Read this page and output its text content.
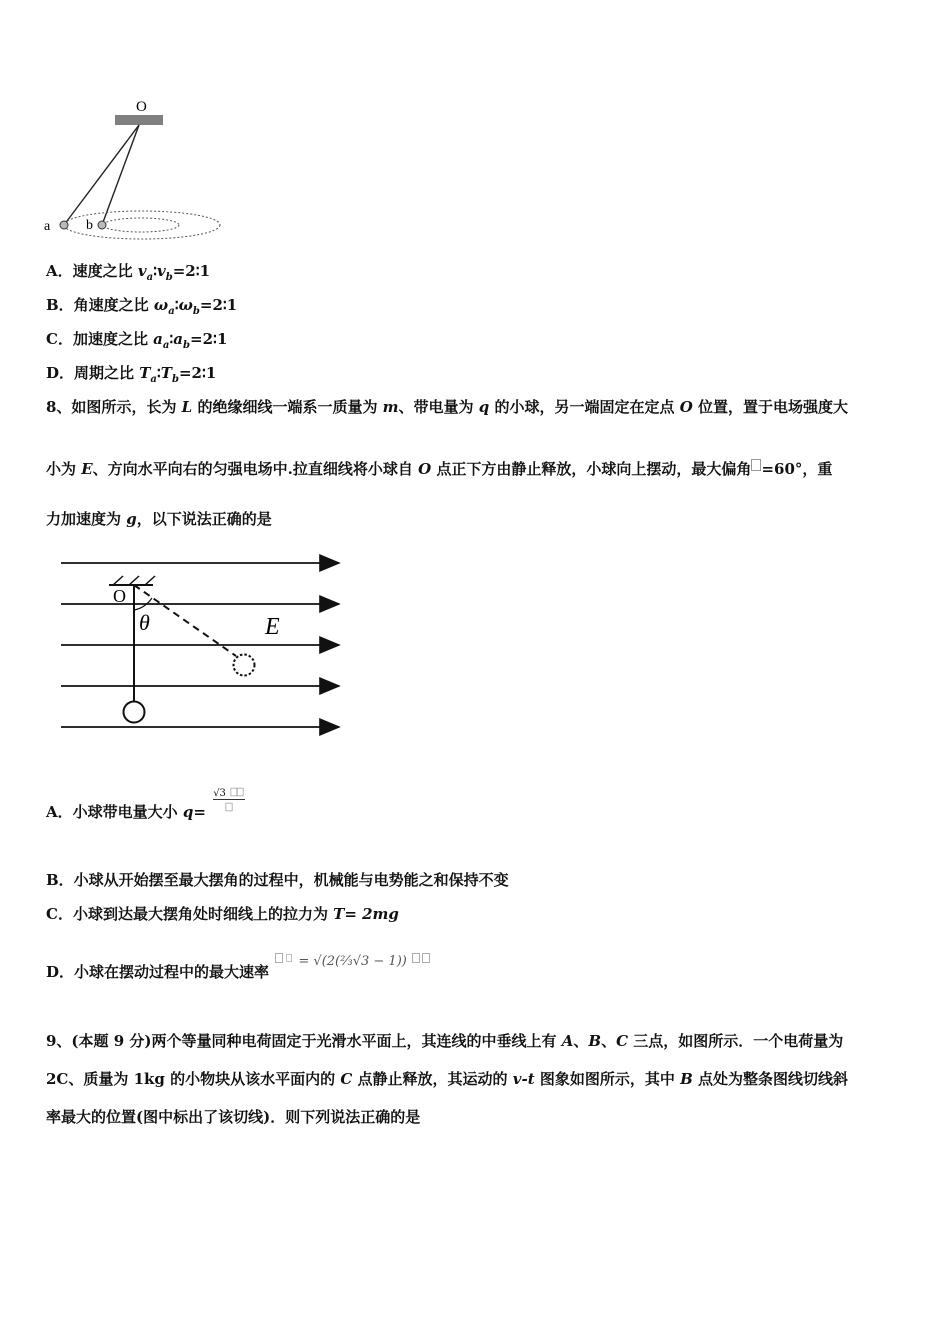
O
a	b
A．速度之比 $v_a∶v_b=2∶1$
B．角速度之比 $\omega_a∶\omega_b=2∶1$
C．加速度之比 $a_a∶a_b=2∶1$
D．周期之比 $T_a∶T_b=2∶1$
8、如图所示，长为 L 的绝缘细线一端系一质量为 m、带电量为 q 的小球，另一端固定在定点 O 位置，置于电场强度大
小为 E、方向水平向右的匀强电场中.拉直细线将小球自 O 点正下方由静止释放，小球向上摆动，最大偏角 =60°，重
力加速度为 g，以下说法正确的是
O
θ	E
A．小球带电量大小 q=
√3
B．小球从开始摆至最大摆角的过程中，机械能与电势能之和保持不变
C．小球到达最大摆角处时细线上的拉力为 T= 2mg
D．小球在摆动过程中的最大速率  = √(2(²⁄₃√3 − 1))
9、(本题 9 分)两个等量同种电荷固定于光滑水平面上，其连线的中垂线上有 A、B、C 三点，如图所示．一个电荷量为
2C、质量为 1kg 的小物块从该水平面内的 C 点静止释放，其运动的 v-t 图象如图所示，其中 B 点处为整条图线切线斜
率最大的位置(图中标出了该切线)．则下列说法正确的是
